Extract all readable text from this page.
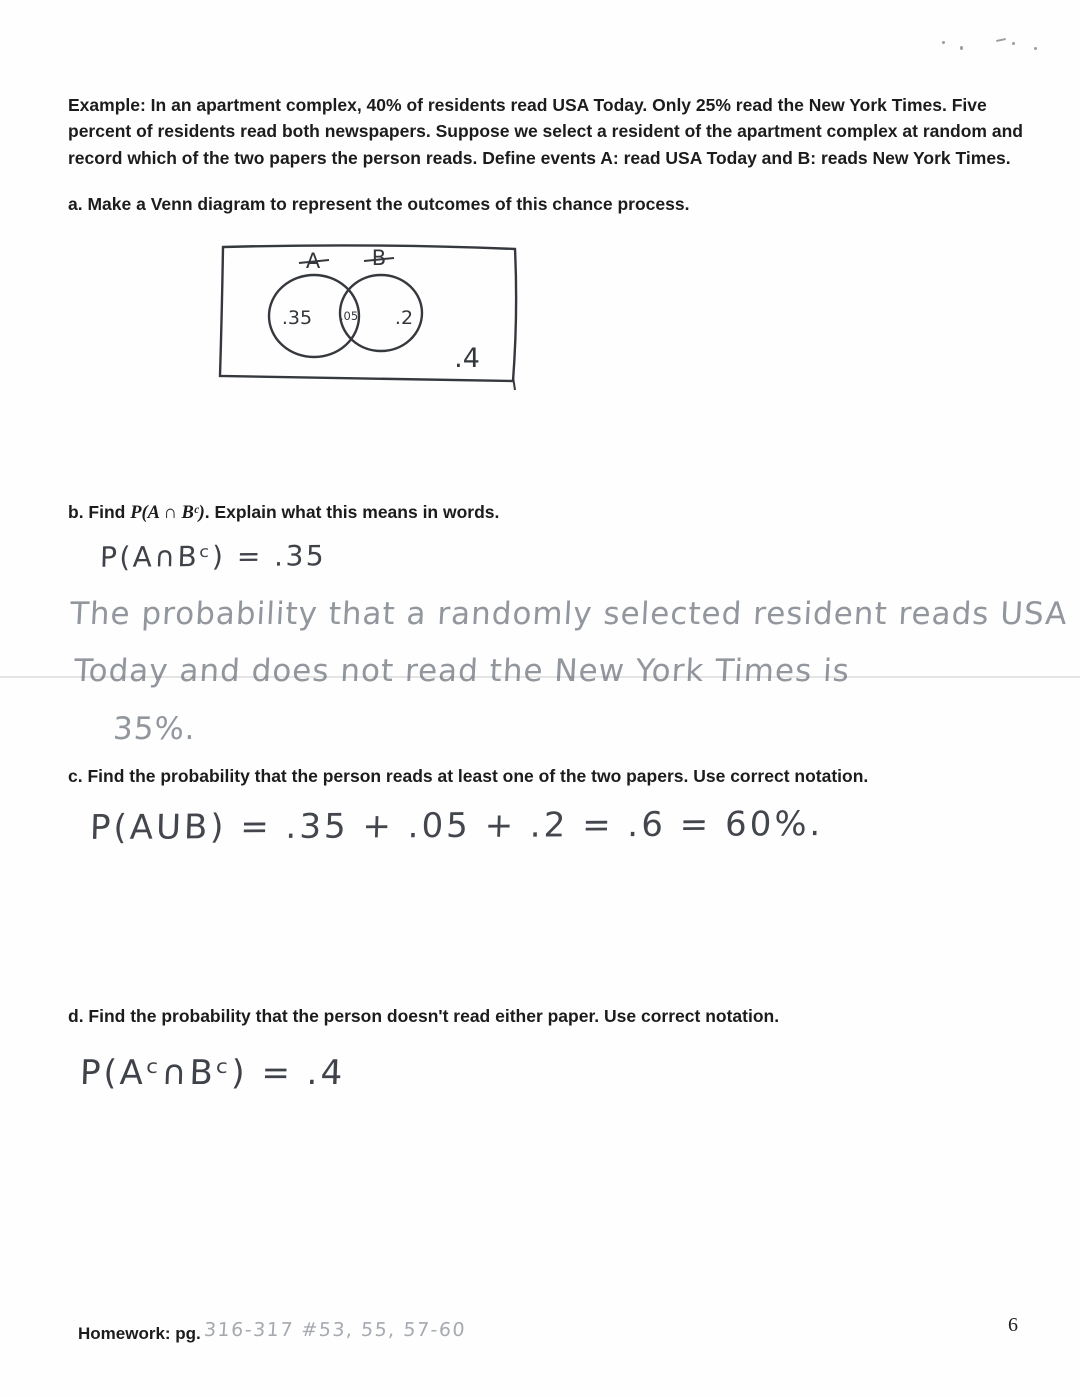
Example: In an apartment complex, 40% of residents read USA Today. Only 25% read the New York Times. Five percent of residents read both newspapers. Suppose we select a resident of the apartment complex at random and record which of the two papers the person reads. Define events A: read USA Today and B: reads New York Times.

a. Make a Venn diagram to represent the outcomes of this chance process.

A B
.35 .05 .2
.4

b. Find P(A ∩ Bᶜ). Explain what this means in words.

P(A∩Bᶜ) = .35
The probability that a randomly selected resident reads USA
Today and does not read the New York Times is
35%.

c. Find the probability that the person reads at least one of the two papers. Use correct notation.

P(AUB) = .35 + .05 + .2 = .6 = 60%.

d. Find the probability that the person doesn't read either paper. Use correct notation.

P(Aᶜ∩Bᶜ) = .4
Homework: pg. 316-317 #53, 55, 57-60	6
